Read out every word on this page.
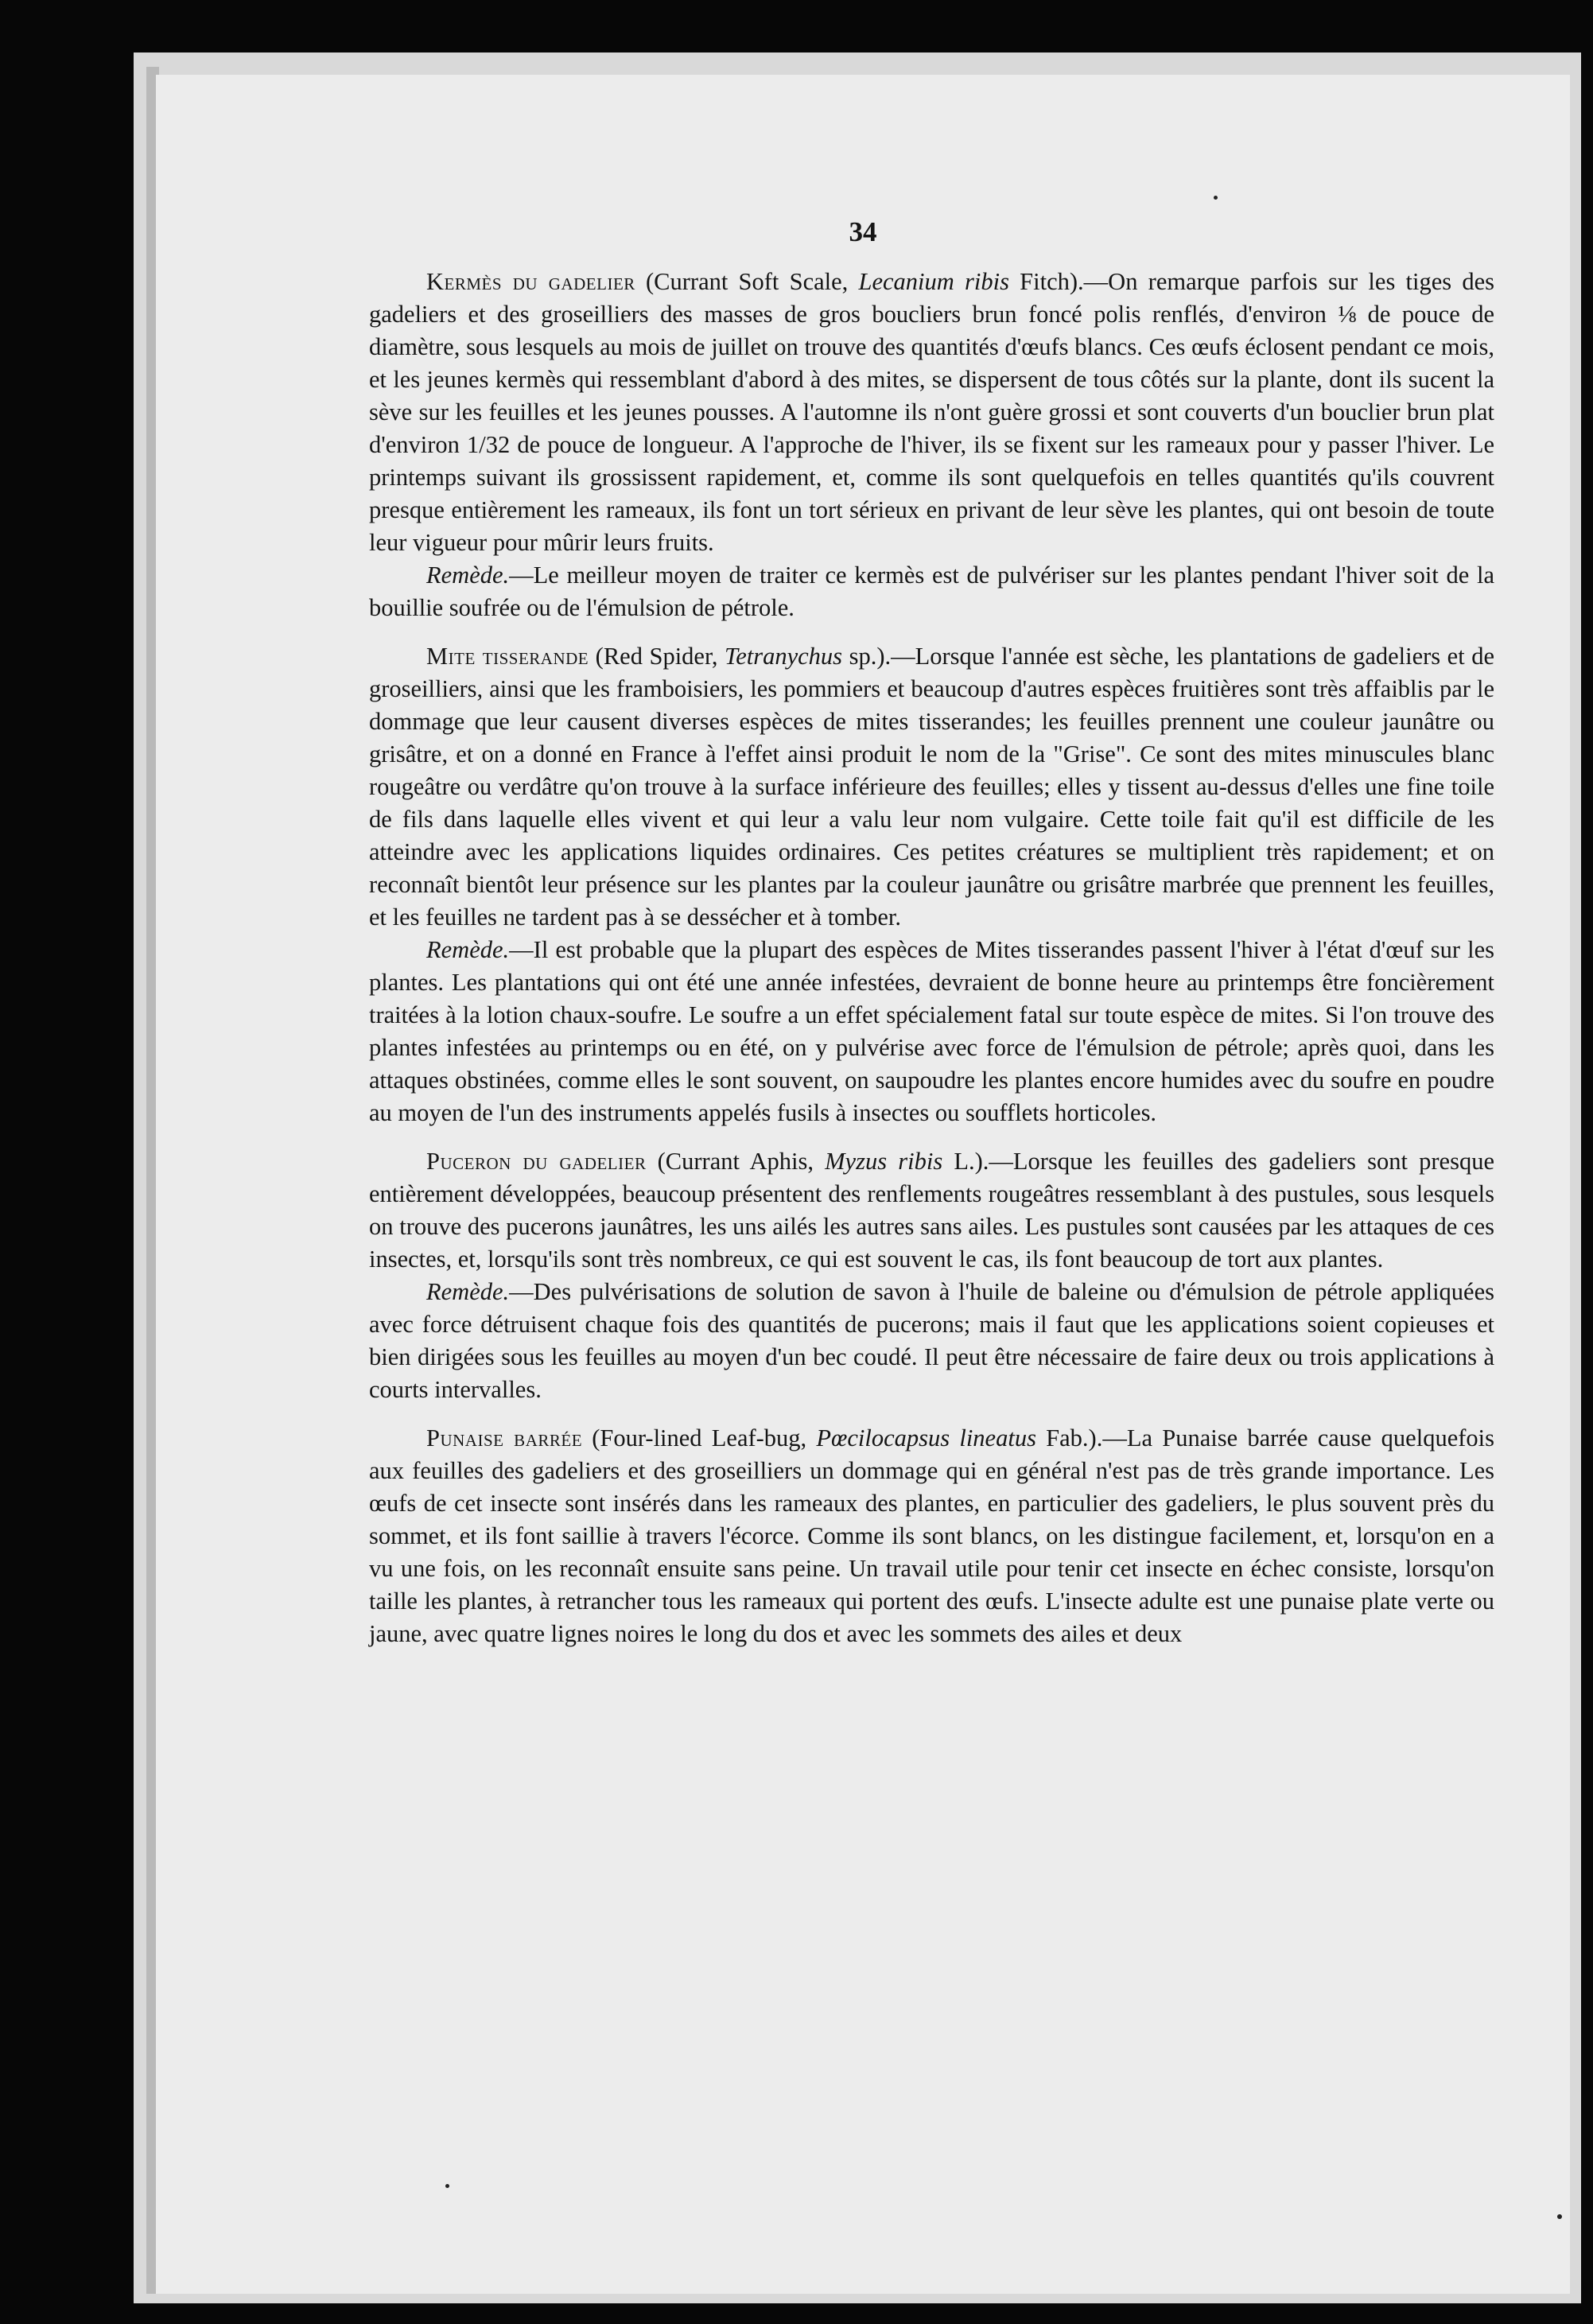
34

Kermès du gadelier (Currant Soft Scale, Lecanium ribis Fitch).—On remarque parfois sur les tiges des gadeliers et des groseilliers des masses de gros boucliers brun foncé polis renflés, d'environ ⅛ de pouce de diamètre, sous lesquels au mois de juillet on trouve des quantités d'œufs blancs. Ces œufs éclosent pendant ce mois, et les jeunes kermès qui ressemblant d'abord à des mites, se dispersent de tous côtés sur la plante, dont ils sucent la sève sur les feuilles et les jeunes pousses. A l'automne ils n'ont guère grossi et sont couverts d'un bouclier brun plat d'environ 1/32 de pouce de longueur. A l'approche de l'hiver, ils se fixent sur les rameaux pour y passer l'hiver. Le printemps suivant ils grossissent rapidement, et, comme ils sont quelquefois en telles quantités qu'ils couvrent presque entièrement les rameaux, ils font un tort sérieux en privant de leur sève les plantes, qui ont besoin de toute leur vigueur pour mûrir leurs fruits.

Remède.—Le meilleur moyen de traiter ce kermès est de pulvériser sur les plantes pendant l'hiver soit de la bouillie soufrée ou de l'émulsion de pétrole.

Mite tisserande (Red Spider, Tetranychus sp.).—Lorsque l'année est sèche, les plantations de gadeliers et de groseilliers, ainsi que les framboisiers, les pommiers et beaucoup d'autres espèces fruitières sont très affaiblis par le dommage que leur causent diverses espèces de mites tisserandes; les feuilles prennent une couleur jaunâtre ou grisâtre, et on a donné en France à l'effet ainsi produit le nom de la "Grise". Ce sont des mites minuscules blanc rougeâtre ou verdâtre qu'on trouve à la surface inférieure des feuilles; elles y tissent au-dessus d'elles une fine toile de fils dans laquelle elles vivent et qui leur a valu leur nom vulgaire. Cette toile fait qu'il est difficile de les atteindre avec les applications liquides ordinaires. Ces petites créatures se multiplient très rapidement; et on reconnaît bientôt leur présence sur les plantes par la couleur jaunâtre ou grisâtre marbrée que prennent les feuilles, et les feuilles ne tardent pas à se dessécher et à tomber.

Remède.—Il est probable que la plupart des espèces de Mites tisserandes passent l'hiver à l'état d'œuf sur les plantes. Les plantations qui ont été une année infestées, devraient de bonne heure au printemps être foncièrement traitées à la lotion chaux-soufre. Le soufre a un effet spécialement fatal sur toute espèce de mites. Si l'on trouve des plantes infestées au printemps ou en été, on y pulvérise avec force de l'émulsion de pétrole; après quoi, dans les attaques obstinées, comme elles le sont souvent, on saupoudre les plantes encore humides avec du soufre en poudre au moyen de l'un des instruments appelés fusils à insectes ou soufflets horticoles.

Puceron du gadelier (Currant Aphis, Myzus ribis L.).—Lorsque les feuilles des gadeliers sont presque entièrement développées, beaucoup présentent des renflements rougeâtres ressemblant à des pustules, sous lesquels on trouve des pucerons jaunâtres, les uns ailés les autres sans ailes. Les pustules sont causées par les attaques de ces insectes, et, lorsqu'ils sont très nombreux, ce qui est souvent le cas, ils font beaucoup de tort aux plantes.

Remède.—Des pulvérisations de solution de savon à l'huile de baleine ou d'émulsion de pétrole appliquées avec force détruisent chaque fois des quantités de pucerons; mais il faut que les applications soient copieuses et bien dirigées sous les feuilles au moyen d'un bec coudé. Il peut être nécessaire de faire deux ou trois applications à courts intervalles.

Punaise barrée (Four-lined Leaf-bug, Pœcilocapsus lineatus Fab.).—La Punaise barrée cause quelquefois aux feuilles des gadeliers et des groseilliers un dommage qui en général n'est pas de très grande importance. Les œufs de cet insecte sont insérés dans les rameaux des plantes, en particulier des gadeliers, le plus souvent près du sommet, et ils font saillie à travers l'écorce. Comme ils sont blancs, on les distingue facilement, et, lorsqu'on en a vu une fois, on les reconnaît ensuite sans peine. Un travail utile pour tenir cet insecte en échec consiste, lorsqu'on taille les plantes, à retrancher tous les rameaux qui portent des œufs. L'insecte adulte est une punaise plate verte ou jaune, avec quatre lignes noires le long du dos et avec les sommets des ailes et deux
